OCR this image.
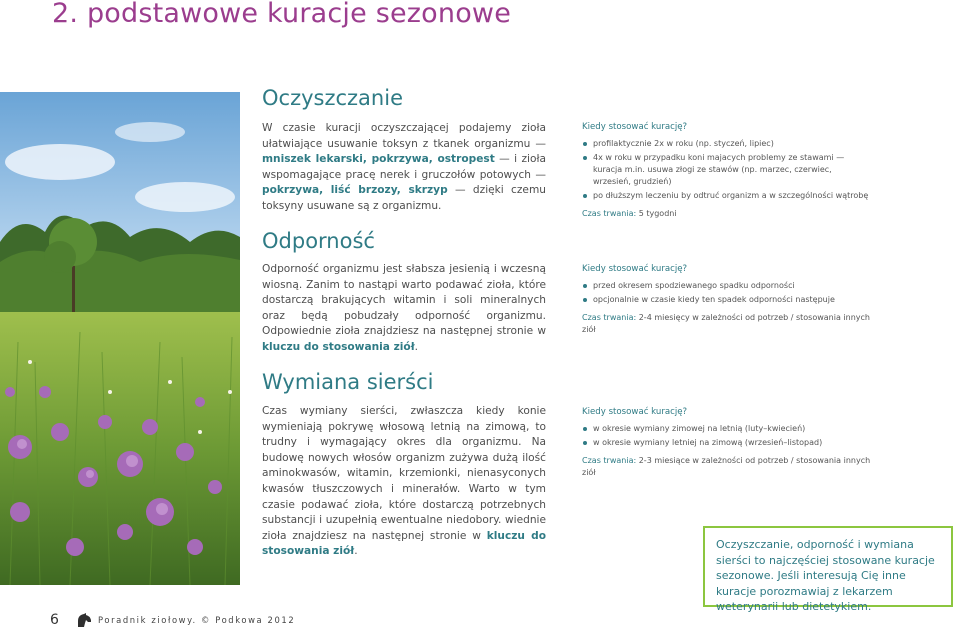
2. podstawowe kuracje sezonowe
Oczyszczanie

W czasie kuracji oczyszczającej podajemy zioła ułatwiające usuwanie toksyn z tkanek organizmu — mniszek lekarski, pokrzywa, ostropest — i zioła wspomagające pracę nerek i gruczołów potowych — pokrzywa, liść brzozy, skrzyp — dzięki czemu toksyny usuwane są z organizmu.

Kiedy stosować kurację?
profilaktycznie 2x w roku (np. styczeń, lipiec)
4x w roku w przypadku koni majacych problemy ze stawami — kuracja m.in. usuwa złogi ze stawów (np. marzec, czerwiec, wrzesień, grudzień)
po dłuższym leczeniu by odtruć organizm a w szczególności wątrobę
Czas trwania: 5 tygodni
Odporność

Odporność organizmu jest słabsza jesienią i wczesną wiosną. Zanim to nastąpi warto podawać zioła, które dostarczą brakujących witamin i soli mineralnych oraz będą pobudzały odporność organizmu. Odpowiednie zioła znajdziesz na następnej stronie w kluczu do stosowania ziół.

Kiedy stosować kurację?
przed okresem spodziewanego spadku odporności
opcjonalnie w czasie kiedy ten spadek odporności następuje
Czas trwania: 2-4 miesięcy w zależności od potrzeb / stosowania innych ziół
Wymiana sierści

Czas wymiany sierści, zwłaszcza kiedy konie wymieniają pokrywę włosową letnią na zimową, to trudny i wymagający okres dla organizmu. Na budowę nowych włosów organizm zużywa dużą ilość aminokwasów, witamin, krzemionki, nienasyconych kwasów tłuszczowych i minerałów. Warto w tym czasie podawać zioła, które dostarczą potrzebnych substancji i uzupełnią ewentualne niedobory. wiednie zioła znajdziesz na następnej stronie w kluczu do stosowania ziół.

Kiedy stosować kurację?
w okresie wymiany zimowej na letnią (luty–kwiecień)
w okresie wymiany letniej na zimową (wrzesień–listopad)
Czas trwania: 2-3 miesiące w zależności od potrzeb / stosowania innych ziół
Oczyszczanie, odporność i wymiana sierści to najczęściej stosowane kuracje sezonowe. Jeśli interesują Cię inne kuracje porozmawiaj z lekarzem weterynarii lub dietetykiem.
6	Poradnik ziołowy. © Podkowa 2012
